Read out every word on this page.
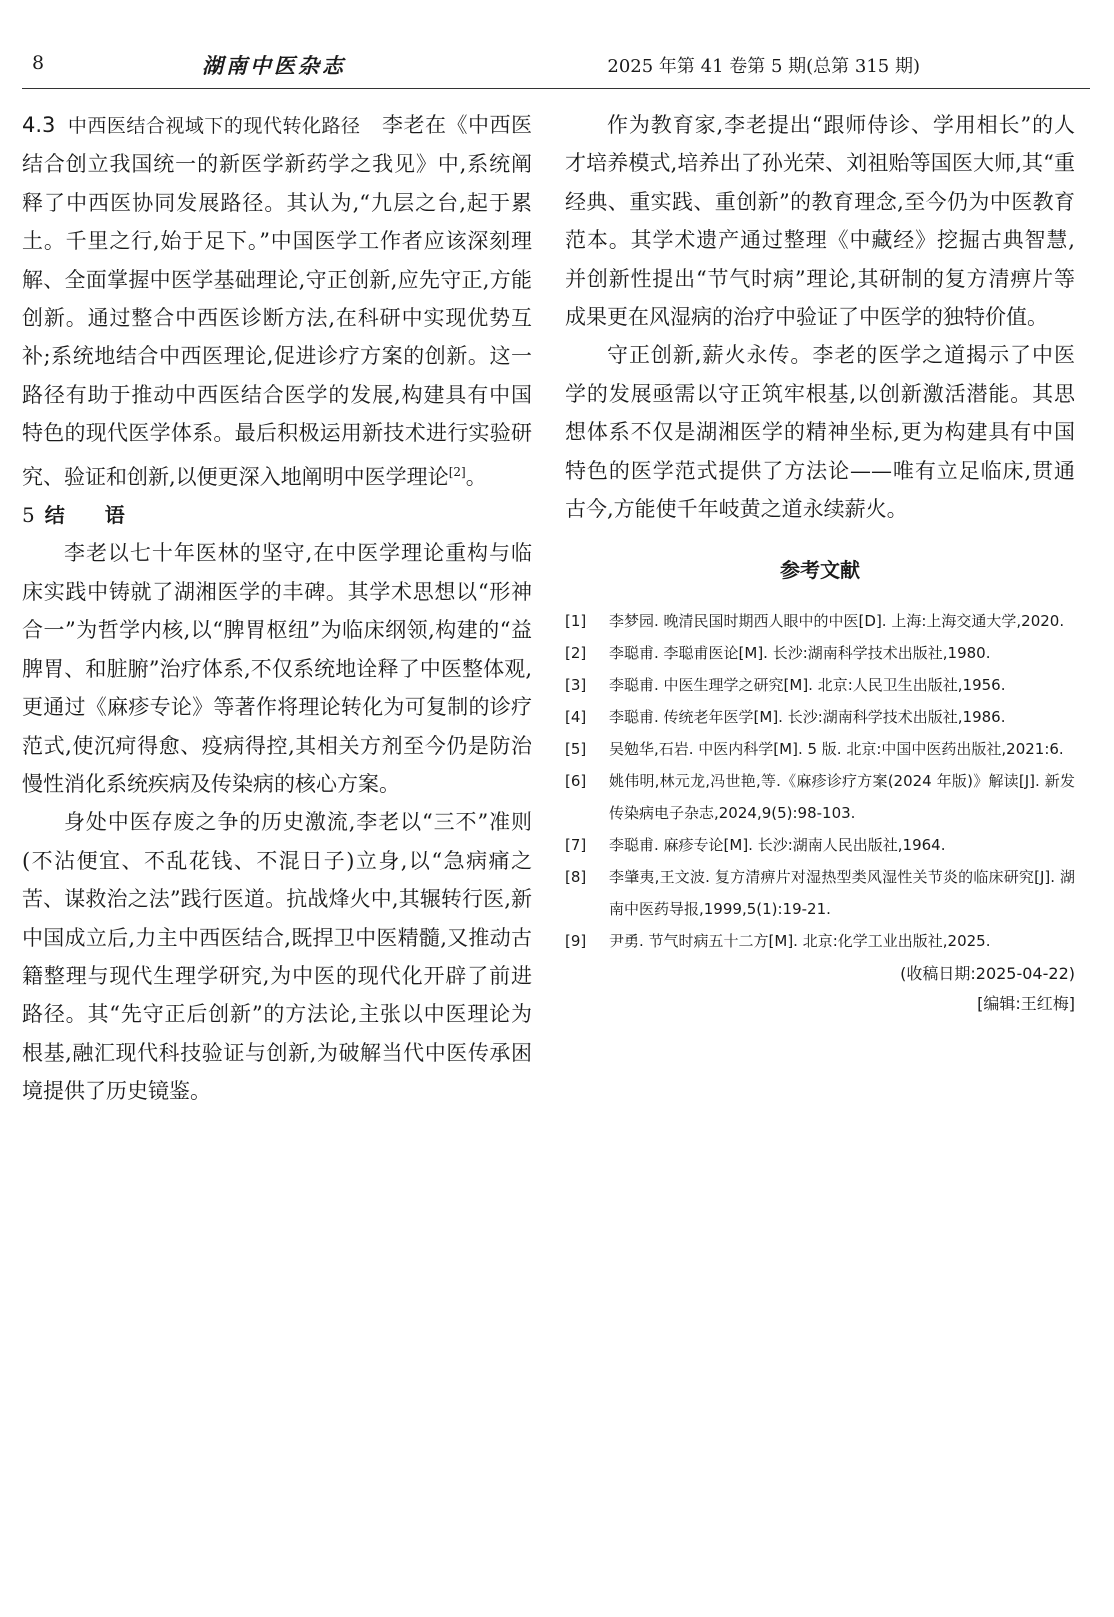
8	湖南中医杂志	2025 年第 41 卷第 5 期(总第 315 期)

4.3 中西医结合视域下的现代转化路径　 李老在《中西医结合创立我国统一的新医学新药学之我见》中,系统阐释了中西医协同发展路径。其认为,“九层之台,起于累土。千里之行,始于足下。”中国医学工作者应该深刻理解、全面掌握中医学基础理论,守正创新,应先守正,方能创新。通过整合中西医诊断方法,在科研中实现优势互补;系统地结合中西医理论,促进诊疗方案的创新。这一路径有助于推动中西医结合医学的发展,构建具有中国特色的现代医学体系。最后积极运用新技术进行实验研究、验证和创新,以便更深入地阐明中医学理论[2]。

5 结　　语

李老以七十年医林的坚守,在中医学理论重构与临床实践中铸就了湖湘医学的丰碑。其学术思想以“形神合一”为哲学内核,以“脾胃枢纽”为临床纲领,构建的“益脾胃、和脏腑”治疗体系,不仅系统地诠释了中医整体观,更通过《麻疹专论》等著作将理论转化为可复制的诊疗范式,使沉疴得愈、疫病得控,其相关方剂至今仍是防治慢性消化系统疾病及传染病的核心方案。

身处中医存废之争的历史激流,李老以“三不”准则(不沾便宜、不乱花钱、不混日子)立身,以“急病痛之苦、谋救治之法”践行医道。抗战烽火中,其辗转行医,新中国成立后,力主中西医结合,既捍卫中医精髓,又推动古籍整理与现代生理学研究,为中医的现代化开辟了前进路径。其“先守正后创新”的方法论,主张以中医理论为根基,融汇现代科技验证与创新,为破解当代中医传承困境提供了历史镜鉴。

作为教育家,李老提出“跟师侍诊、学用相长”的人才培养模式,培养出了孙光荣、刘祖贻等国医大师,其“重经典、重实践、重创新”的教育理念,至今仍为中医教育范本。其学术遗产通过整理《中藏经》挖掘古典智慧,并创新性提出“节气时病”理论,其研制的复方清痹片等成果更在风湿病的治疗中验证了中医学的独特价值。

守正创新,薪火永传。李老的医学之道揭示了中医学的发展亟需以守正筑牢根基,以创新激活潜能。其思想体系不仅是湖湘医学的精神坐标,更为构建具有中国特色的医学范式提供了方法论——唯有立足临床,贯通古今,方能使千年岐黄之道永续薪火。

参考文献
[1]	李梦园. 晚清民国时期西人眼中的中医[D]. 上海:上海交通大学,2020.
[2]	李聪甫. 李聪甫医论[M]. 长沙:湖南科学技术出版社,1980.
[3]	李聪甫. 中医生理学之研究[M]. 北京:人民卫生出版社,1956.
[4]	李聪甫. 传统老年医学[M]. 长沙:湖南科学技术出版社,1986.
[5]	吴勉华,石岩. 中医内科学[M]. 5 版. 北京:中国中医药出版社,2021:6.
[6]	姚伟明,林元龙,冯世艳,等.《麻疹诊疗方案(2024 年版)》解读[J]. 新发传染病电子杂志,2024,9(5):98-103.
[7]	李聪甫. 麻疹专论[M]. 长沙:湖南人民出版社,1964.
[8]	李肇夷,王文波. 复方清痹片对湿热型类风湿性关节炎的临床研究[J]. 湖南中医药导报,1999,5(1):19-21.
[9]	尹勇. 节气时病五十二方[M]. 北京:化学工业出版社,2025.
(收稿日期:2025-04-22)
[编辑:王红梅]
